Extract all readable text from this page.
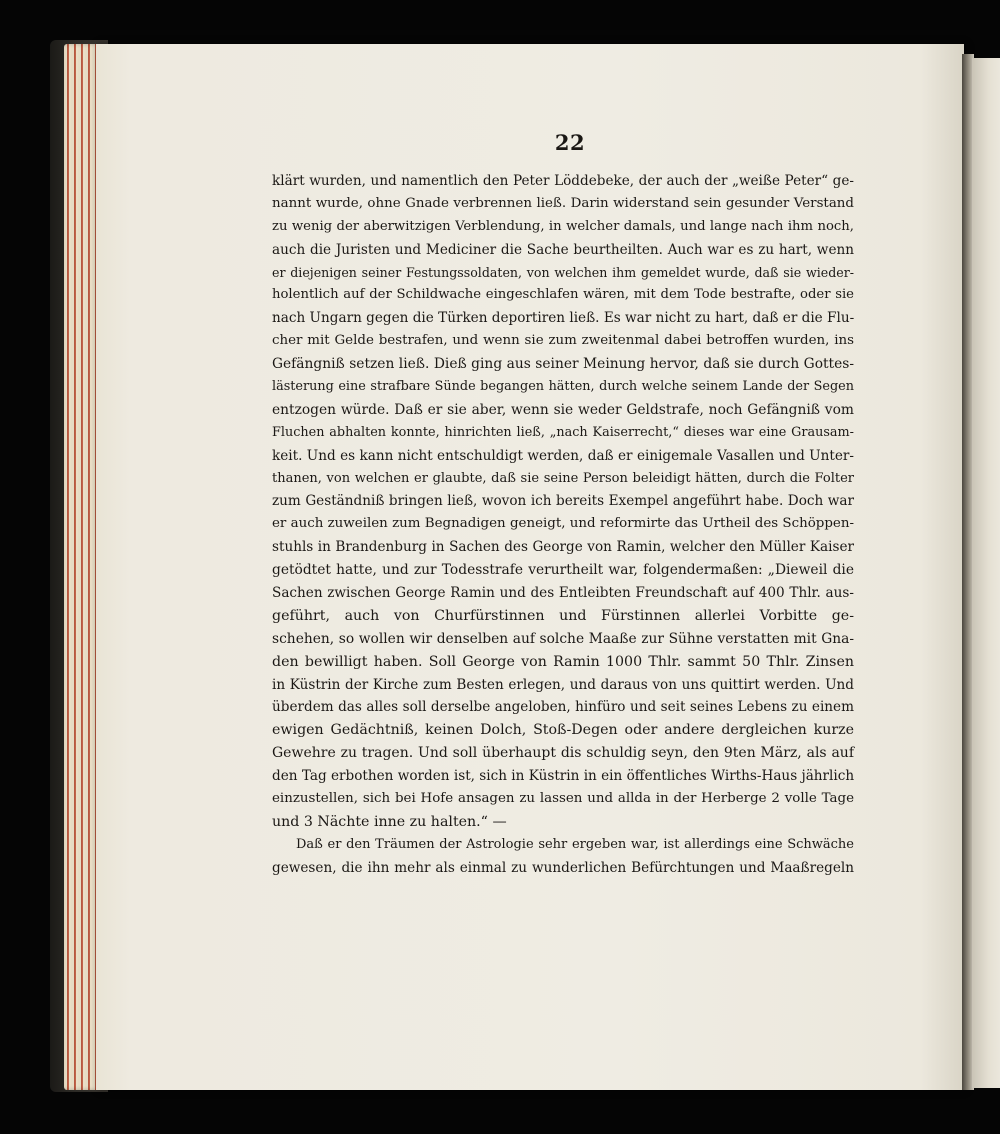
22
klärt wurden, und namentlich den Peter Löddebeke, der auch der „weiße Peter“ ge-
nannt wurde, ohne Gnade verbrennen ließ. Darin widerstand sein gesunder Verstand
zu wenig der aberwitzigen Verblendung, in welcher damals, und lange nach ihm noch,
auch die Juristen und Mediciner die Sache beurtheilten. Auch war es zu hart, wenn
er diejenigen seiner Festungssoldaten, von welchen ihm gemeldet wurde, daß sie wieder-
holentlich auf der Schildwache eingeschlafen wären, mit dem Tode bestrafte, oder sie
nach Ungarn gegen die Türken deportiren ließ. Es war nicht zu hart, daß er die Flu-
cher mit Gelde bestrafen, und wenn sie zum zweitenmal dabei betroffen wurden, ins
Gefängniß setzen ließ. Dieß ging aus seiner Meinung hervor, daß sie durch Gottes-
lästerung eine strafbare Sünde begangen hätten, durch welche seinem Lande der Segen
entzogen würde. Daß er sie aber, wenn sie weder Geldstrafe, noch Gefängniß vom
Fluchen abhalten konnte, hinrichten ließ, „nach Kaiserrecht,“ dieses war eine Grausam-
keit. Und es kann nicht entschuldigt werden, daß er einigemale Vasallen und Unter-
thanen, von welchen er glaubte, daß sie seine Person beleidigt hätten, durch die Folter
zum Geständniß bringen ließ, wovon ich bereits Exempel angeführt habe. Doch war
er auch zuweilen zum Begnadigen geneigt, und reformirte das Urtheil des Schöppen-
stuhls in Brandenburg in Sachen des George von Ramin, welcher den Müller Kaiser
getödtet hatte, und zur Todesstrafe verurtheilt war, folgendermaßen: „Dieweil die
Sachen zwischen George Ramin und des Entleibten Freundschaft auf 400 Thlr. aus-
geführt, auch von Churfürstinnen und Fürstinnen allerlei Vorbitte ge-
schehen, so wollen wir denselben auf solche Maaße zur Sühne verstatten mit Gna-
den bewilligt haben. Soll George von Ramin 1000 Thlr. sammt 50 Thlr. Zinsen
in Küstrin der Kirche zum Besten erlegen, und daraus von uns quittirt werden. Und
überdem das alles soll derselbe angeloben, hinfüro und seit seines Lebens zu einem
ewigen Gedächtniß, keinen Dolch, Stoß-Degen oder andere dergleichen kurze
Gewehre zu tragen. Und soll überhaupt dis schuldig seyn, den 9ten März, als auf
den Tag erbothen worden ist, sich in Küstrin in ein öffentliches Wirths-Haus jährlich
einzustellen, sich bei Hofe ansagen zu lassen und allda in der Herberge 2 volle Tage
und 3 Nächte inne zu halten.“ —
Daß er den Träumen der Astrologie sehr ergeben war, ist allerdings eine Schwäche
gewesen, die ihn mehr als einmal zu wunderlichen Befürchtungen und Maaßregeln
